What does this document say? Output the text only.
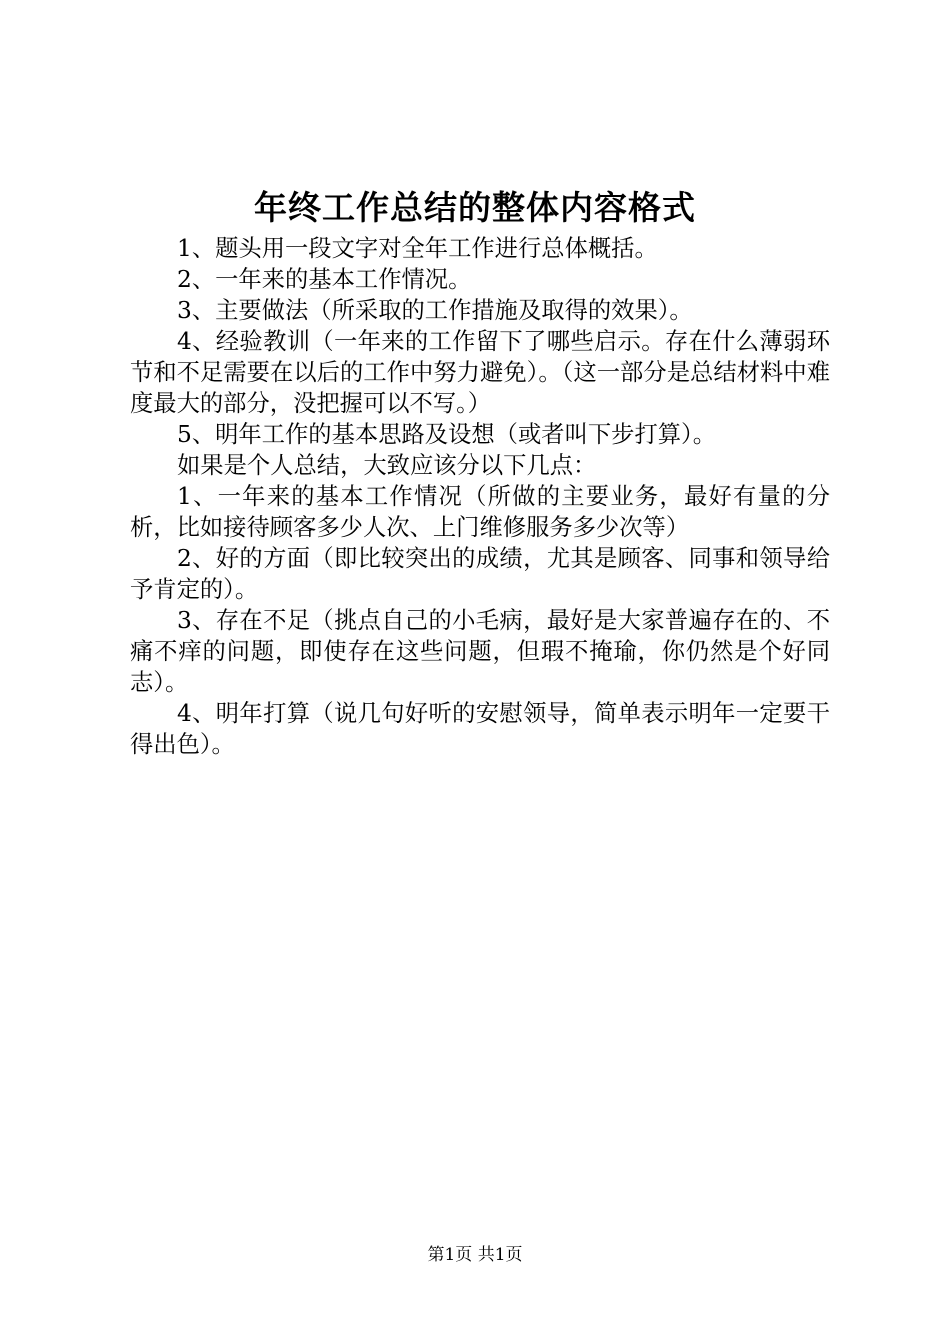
年终工作总结的整体内容格式

1、题头用一段文字对全年工作进行总体概括。

2、一年来的基本工作情况。

3、主要做法（所采取的工作措施及取得的效果）。

4、经验教训（一年来的工作留下了哪些启示。存在什么薄弱环节和不足需要在以后的工作中努力避免）。（这一部分是总结材料中难度最大的部分，没把握可以不写。）

5、明年工作的基本思路及设想（或者叫下步打算）。

如果是个人总结，大致应该分以下几点：

1、一年来的基本工作情况（所做的主要业务，最好有量的分析，比如接待顾客多少人次、上门维修服务多少次等）

2、好的方面（即比较突出的成绩，尤其是顾客、同事和领导给予肯定的）。

3、存在不足（挑点自己的小毛病，最好是大家普遍存在的、不痛不痒的问题，即使存在这些问题，但瑕不掩瑜，你仍然是个好同志）。

4、明年打算（说几句好听的安慰领导，简单表示明年一定要干得出色）。

第1页 共1页
